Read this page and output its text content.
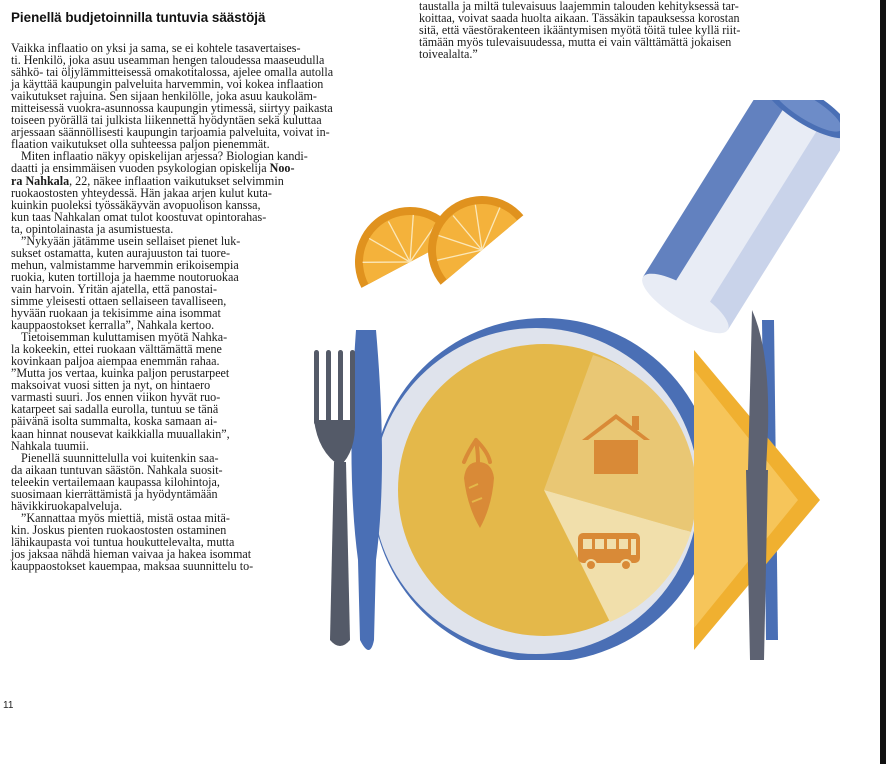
Pienellä budjetoinnilla tuntuvia säästöjä

Vaikka inflaatio on yksi ja sama, se ei kohtele tasavertaises-

ti. Henkilö, joka asuu useamman hengen taloudessa maaseudulla

sähkö- tai öljylämmitteisessä omakotitalossa, ajelee omalla autolla

ja käyttää kaupungin palveluita harvemmin, voi kokea inflaation

vaikutukset rajuina. Sen sijaan henkilölle, joka asuu kaukoläm-

mitteisessä vuokra-asunnossa kaupungin ytimessä, siirtyy paikasta

toiseen pyörällä tai julkista liikennettä hyödyntäen sekä kuluttaa

arjessaan säännöllisesti kaupungin tarjoamia palveluita, voivat in-

flaation vaikutukset olla suhteessa paljon pienemmät.

Miten inflaatio näkyy opiskelijan arjessa? Biologian kandi-

daatti ja ensimmäisen vuoden psykologian opiskelija Noo-

ra Nahkala, 22, näkee inflaation vaikutukset selvimmin

ruokaostosten yhteydessä. Hän jakaa arjen kulut kuta-

kuinkin puoleksi työssäkäyvän avopuolison kanssa,

kun taas Nahkalan omat tulot koostuvat opintorahas-

ta, opintolainasta ja asumistuesta.

”Nykyään jätämme usein sellaiset pienet luk-

sukset ostamatta, kuten aurajuuston tai tuore-

mehun, valmistamme harvemmin erikoisempia

ruokia, kuten tortilloja ja haemme noutoruokaa

vain harvoin. Yritän ajatella, että panostai-

simme yleisesti ottaen sellaiseen tavalliseen,

hyvään ruokaan ja tekisimme aina isommat

kauppaostokset kerralla”, Nahkala kertoo.

Tietoisemman kuluttamisen myötä Nahka-

la kokeekin, ettei ruokaan välttämättä mene

kovinkaan paljoa aiempaa enemmän rahaa.

”Mutta jos vertaa, kuinka paljon perustarpeet

maksoivat vuosi sitten ja nyt, on hintaero

varmasti suuri. Jos ennen viikon hyvät ruo-

katarpeet sai sadalla eurolla, tuntuu se tänä

päivänä isolta summalta, koska samaan ai-

kaan hinnat nousevat kaikkialla muuallakin”,

Nahkala tuumii.

Pienellä suunnittelulla voi kuitenkin saa-

da aikaan tuntuvan säästön. Nahkala suosit-

teleekin vertailemaan kaupassa kilohintoja,

suosimaan kierrättämistä ja hyödyntämään

hävikkiruokapalveluja.

”Kannattaa myös miettiä, mistä ostaa mitä-

kin. Joskus pienten ruokaostosten ostaminen

lähikaupasta voi tuntua houkuttelevalta, mutta

jos jaksaa nähdä hieman vaivaa ja hakea isommat

kauppaostokset kauempaa, maksaa suunnittelu to-

taustalla ja miltä tulevaisuus laajemmin talouden kehityksessä tar-

koittaa, voivat saada huolta aikaan. Tässäkin tapauksessa korostan

sitä, että väestörakenteen ikääntymisen myötä töitä tulee kyllä riit-

tämään myös tulevaisuudessa, mutta ei vain välttämättä jokaisen

toivealalta.”

11
